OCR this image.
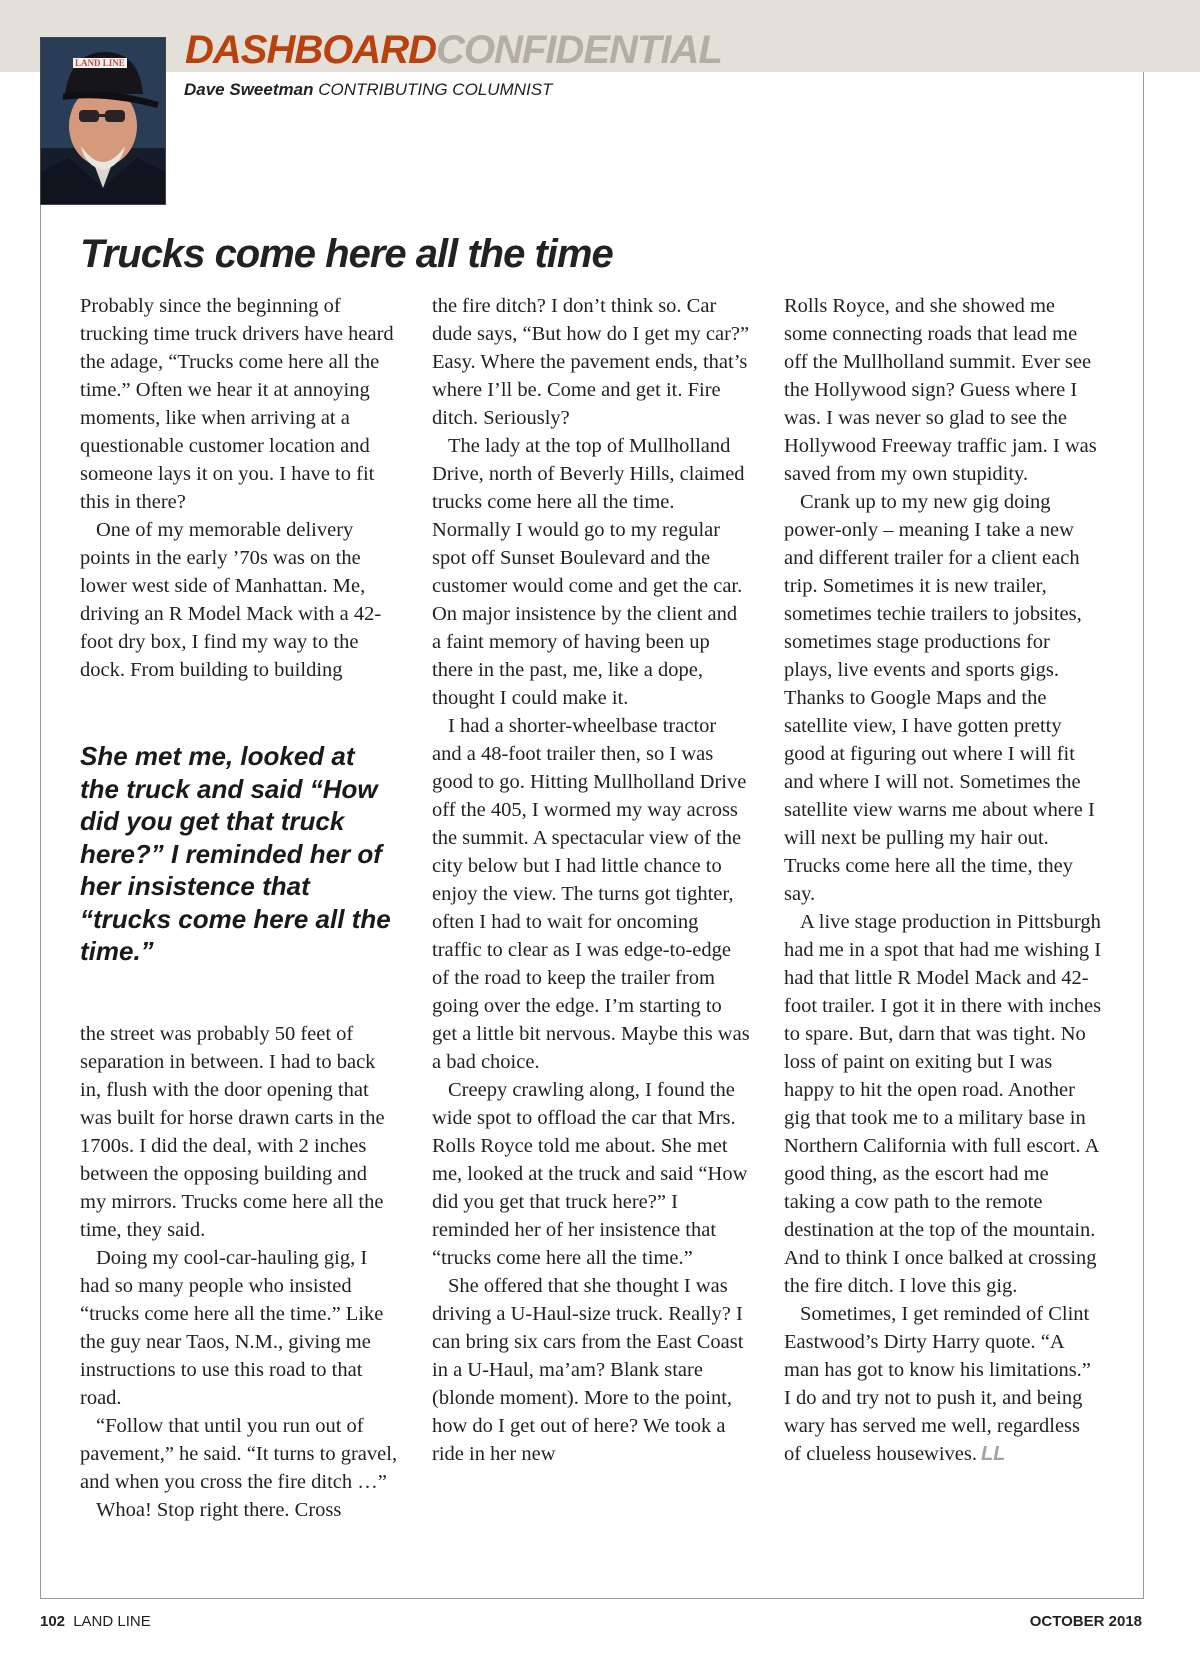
LAND LINE DASHBOARDCONFIDENTIAL
Dave Sweetman CONTRIBUTING COLUMNIST
Trucks come here all the time

Probably since the beginning of trucking time truck drivers have heard the adage, “Trucks come here all the time.” Often we hear it at annoying moments, like when arriving at a questionable customer location and someone lays it on you. I have to fit this in there?

One of my memorable delivery points in the early ’70s was on the lower west side of Manhattan. Me, driving an R Model Mack with a 42-foot dry box, I find my way to the dock. From building to building

She met me, looked at the truck and said “How did you get that truck here?” I reminded her of her insistence that “trucks come here all the time.”

the street was probably 50 feet of separation in between. I had to back in, flush with the door opening that was built for horse drawn carts in the 1700s. I did the deal, with 2 inches between the opposing building and my mirrors. Trucks come here all the time, they said.

Doing my cool-car-hauling gig, I had so many people who insisted “trucks come here all the time.” Like the guy near Taos, N.M., giving me instructions to use this road to that road.

“Follow that until you run out of pavement,” he said. “It turns to gravel, and when you cross the fire ditch …”

Whoa! Stop right there. Cross

the fire ditch? I don’t think so. Car dude says, “But how do I get my car?” Easy. Where the pavement ends, that’s where I’ll be. Come and get it. Fire ditch. Seriously?

The lady at the top of Mullholland Drive, north of Beverly Hills, claimed trucks come here all the time. Normally I would go to my regular spot off Sunset Boulevard and the customer would come and get the car. On major insistence by the client and a faint memory of having been up there in the past, me, like a dope, thought I could make it.

I had a shorter-wheelbase tractor and a 48-foot trailer then, so I was good to go. Hitting Mullholland Drive off the 405, I wormed my way across the summit. A spectacular view of the city below but I had little chance to enjoy the view. The turns got tighter, often I had to wait for oncoming traffic to clear as I was edge-to-edge of the road to keep the trailer from going over the edge. I’m starting to get a little bit nervous. Maybe this was a bad choice.

Creepy crawling along, I found the wide spot to offload the car that Mrs. Rolls Royce told me about. She met me, looked at the truck and said “How did you get that truck here?” I reminded her of her insistence that “trucks come here all the time.”

She offered that she thought I was driving a U-Haul-size truck. Really? I can bring six cars from the East Coast in a U-Haul, ma’am? Blank stare (blonde moment). More to the point, how do I get out of here? We took a ride in her new

Rolls Royce, and she showed me some connecting roads that lead me off the Mullholland summit. Ever see the Hollywood sign? Guess where I was. I was never so glad to see the Hollywood Freeway traffic jam. I was saved from my own stupidity.

Crank up to my new gig doing power-only – meaning I take a new and different trailer for a client each trip. Sometimes it is new trailer, sometimes techie trailers to jobsites, sometimes stage productions for plays, live events and sports gigs. Thanks to Google Maps and the satellite view, I have gotten pretty good at figuring out where I will fit and where I will not. Sometimes the satellite view warns me about where I will next be pulling my hair out. Trucks come here all the time, they say.

A live stage production in Pittsburgh had me in a spot that had me wishing I had that little R Model Mack and 42-foot trailer. I got it in there with inches to spare. But, darn that was tight. No loss of paint on exiting but I was happy to hit the open road. Another gig that took me to a military base in Northern California with full escort. A good thing, as the escort had me taking a cow path to the remote destination at the top of the mountain. And to think I once balked at crossing the fire ditch. I love this gig.

Sometimes, I get reminded of Clint Eastwood’s Dirty Harry quote. “A man has got to know his limitations.” I do and try not to push it, and being wary has served me well, regardless of clueless housewives. LL

102 LAND LINE	OCTOBER 2018
